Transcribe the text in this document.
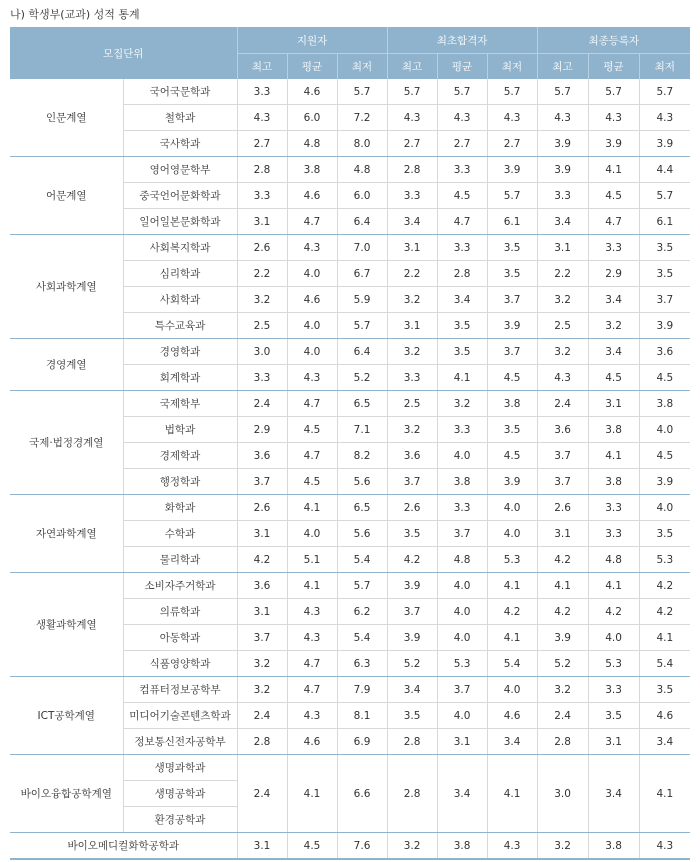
나) 학생부(교과) 성적 통계
모집단위		지원자			최초합격자			최종등록자		
		최고	평균	최저	최고	평균	최저	최고	평균	최저
인문계열	국어국문학과	3.3	4.6	5.7	5.7	5.7	5.7	5.7	5.7	5.7
	철학과	4.3	6.0	7.2	4.3	4.3	4.3	4.3	4.3	4.3
	국사학과	2.7	4.8	8.0	2.7	2.7	2.7	3.9	3.9	3.9
어문계열	영어영문학부	2.8	3.8	4.8	2.8	3.3	3.9	3.9	4.1	4.4
	중국언어문화학과	3.3	4.6	6.0	3.3	4.5	5.7	3.3	4.5	5.7
	일어일본문화학과	3.1	4.7	6.4	3.4	4.7	6.1	3.4	4.7	6.1
사회과학계열	사회복지학과	2.6	4.3	7.0	3.1	3.3	3.5	3.1	3.3	3.5
	심리학과	2.2	4.0	6.7	2.2	2.8	3.5	2.2	2.9	3.5
	사회학과	3.2	4.6	5.9	3.2	3.4	3.7	3.2	3.4	3.7
	특수교육과	2.5	4.0	5.7	3.1	3.5	3.9	2.5	3.2	3.9
경영계열	경영학과	3.0	4.0	6.4	3.2	3.5	3.7	3.2	3.4	3.6
	회계학과	3.3	4.3	5.2	3.3	4.1	4.5	4.3	4.5	4.5
국제·법정경계열	국제학부	2.4	4.7	6.5	2.5	3.2	3.8	2.4	3.1	3.8
	법학과	2.9	4.5	7.1	3.2	3.3	3.5	3.6	3.8	4.0
	경제학과	3.6	4.7	8.2	3.6	4.0	4.5	3.7	4.1	4.5
	행정학과	3.7	4.5	5.6	3.7	3.8	3.9	3.7	3.8	3.9
자연과학계열	화학과	2.6	4.1	6.5	2.6	3.3	4.0	2.6	3.3	4.0
	수학과	3.1	4.0	5.6	3.5	3.7	4.0	3.1	3.3	3.5
	물리학과	4.2	5.1	5.4	4.2	4.8	5.3	4.2	4.8	5.3
생활과학계열	소비자주거학과	3.6	4.1	5.7	3.9	4.0	4.1	4.1	4.1	4.2
	의류학과	3.1	4.3	6.2	3.7	4.0	4.2	4.2	4.2	4.2
	아동학과	3.7	4.3	5.4	3.9	4.0	4.1	3.9	4.0	4.1
	식품영양학과	3.2	4.7	6.3	5.2	5.3	5.4	5.2	5.3	5.4
ICT공학계열	컴퓨터정보공학부	3.2	4.7	7.9	3.4	3.7	4.0	3.2	3.3	3.5
	미디어기술콘텐츠학과	2.4	4.3	8.1	3.5	4.0	4.6	2.4	3.5	4.6
	정보통신전자공학부	2.8	4.6	6.9	2.8	3.1	3.4	2.8	3.1	3.4
바이오융합공학계열	생명과학과	2.4	4.1	6.6	2.8	3.4	4.1	3.0	3.4	4.1
	생명공학과									
	환경공학과									
바이오메디컬화학공학과		3.1	4.5	7.6	3.2	3.8	4.3	3.2	3.8	4.3
